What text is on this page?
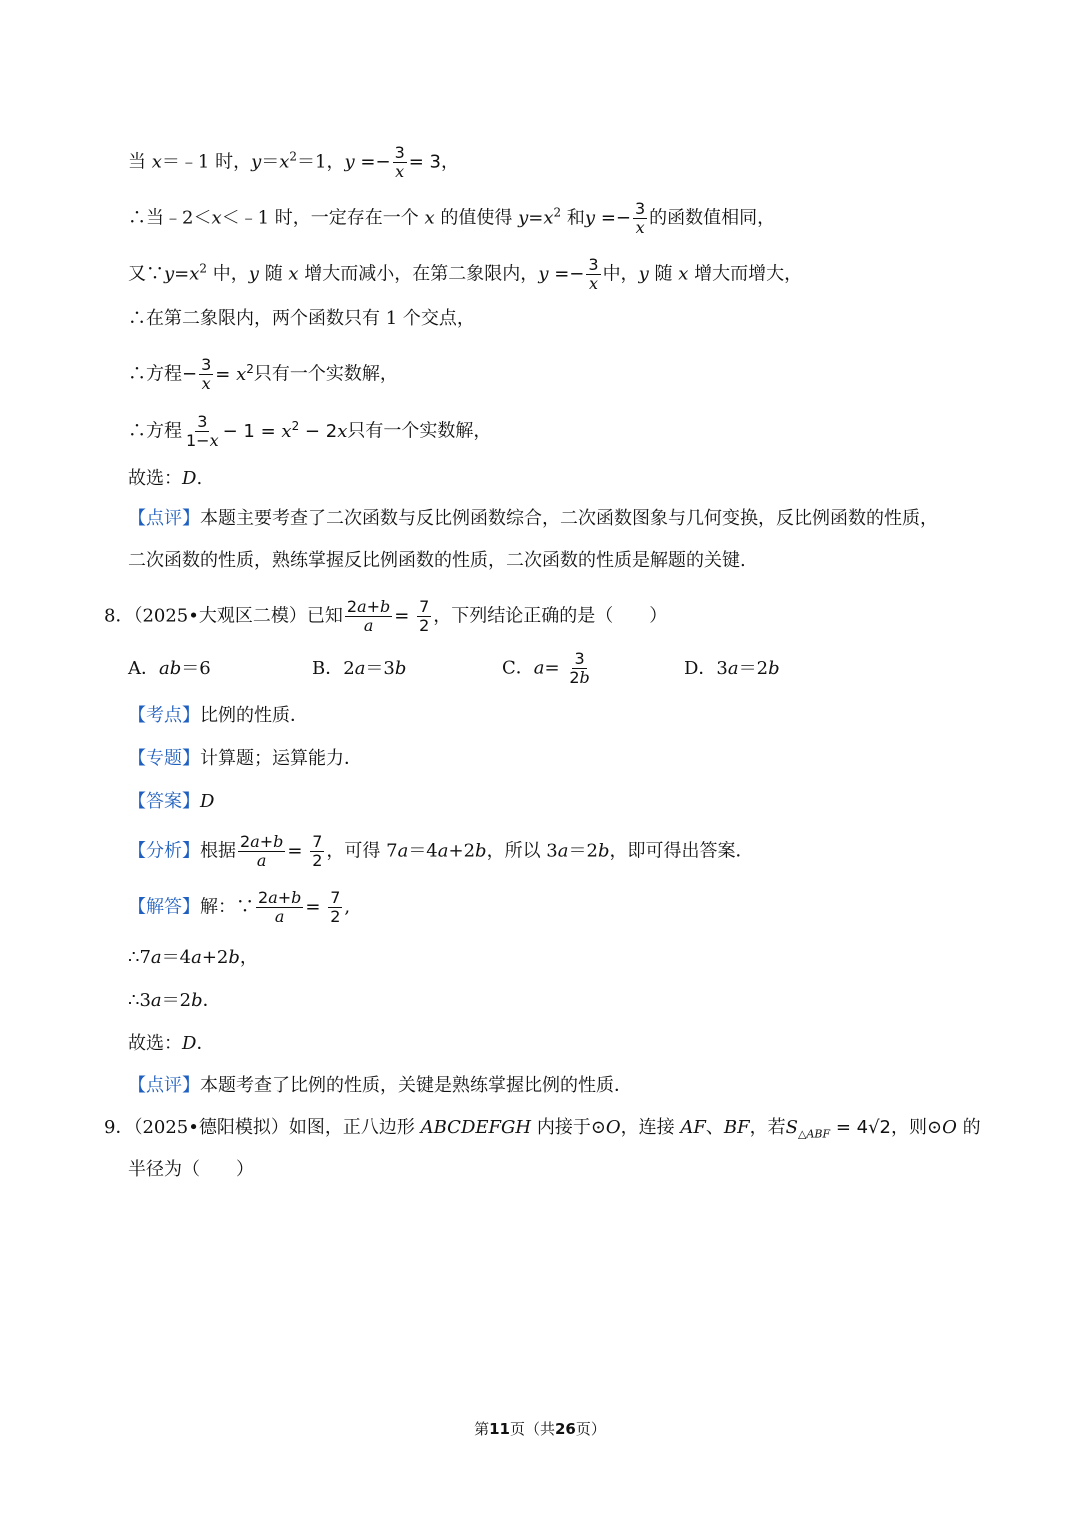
当 x＝﹣1 时，$y=x^2=1$，$y =- \frac{3}{x} = 3$，
∴当﹣2＜x＜﹣1 时，一定存在一个 x 的值使得 $y=x^2$ 和$y =- \frac{3}{x}$ 的函数值相同，
又$\because y=x^2$ 中，y 随 x 增大而减小，在第二象限内，$y =- \frac{3}{x}$ 中，y 随 x 增大而增大，
∴在第二象限内，两个函数只有 1 个交点，
∴方程− $\frac{3}{x} = x^2$只有一个实数解，
∴方程 $\frac{3}{1-x} - 1 = x^2 - 2x$只有一个实数解，
故选：D.
【点评】本题主要考查了二次函数与反比例函数综合，二次函数图象与几何变换，反比例函数的性质，
二次函数的性质，熟练掌握反比例函数的性质，二次函数的性质是解题的关键.
8．（2025•大观区二模）已知 $\frac{2a+b}{a} = \frac{7}{2}$ ，下列结论正确的是（　　）
A．ab＝6	B．2a＝3b	C．$a= \frac{3}{2b}$	D．3a＝2b
【考点】比例的性质．
【专题】计算题；运算能力．
【答案】D
【分析】根据 $\frac{2a+b}{a} = \frac{7}{2}$ ，可得 7a＝4a+2b，所以 3a＝2b，即可得出答案．
【解答】解：∵ $\frac{2a+b}{a} = \frac{7}{2}$ ,
∴7a＝4a+2b，
∴3a＝2b．
故选：D．
【点评】本题考查了比例的性质，关键是熟练掌握比例的性质．
9．（2025•德阳模拟）如图，正八边形 ABCDEFGH 内接于⊙O，连接 AF、BF，若$S_{\triangle ABF} = 4√2$，则⊙O 的
半径为（　　）
第11页（共26页）
